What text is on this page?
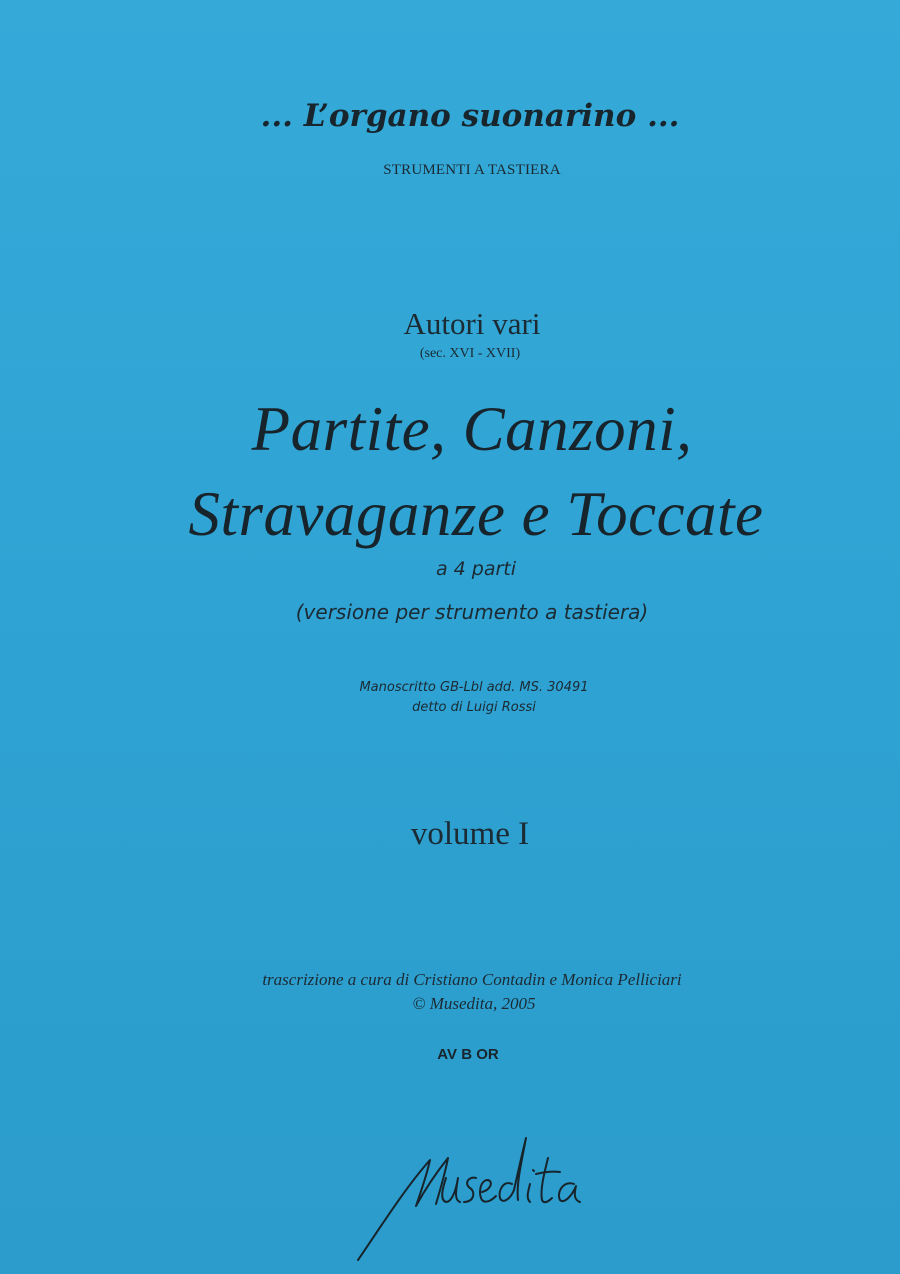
... L’organo suonarino ...
STRUMENTI A TASTIERA
Autori vari
(sec. XVI - XVII)
Partite, Canzoni,
Stravaganze e Toccate
a 4 parti
(versione per strumento a tastiera)
Manoscritto GB-Lbl add. MS. 30491
detto di Luigi Rossi
volume I
trascrizione a cura di Cristiano Contadin e Monica Pelliciari
© Musedita, 2005
AV B OR
